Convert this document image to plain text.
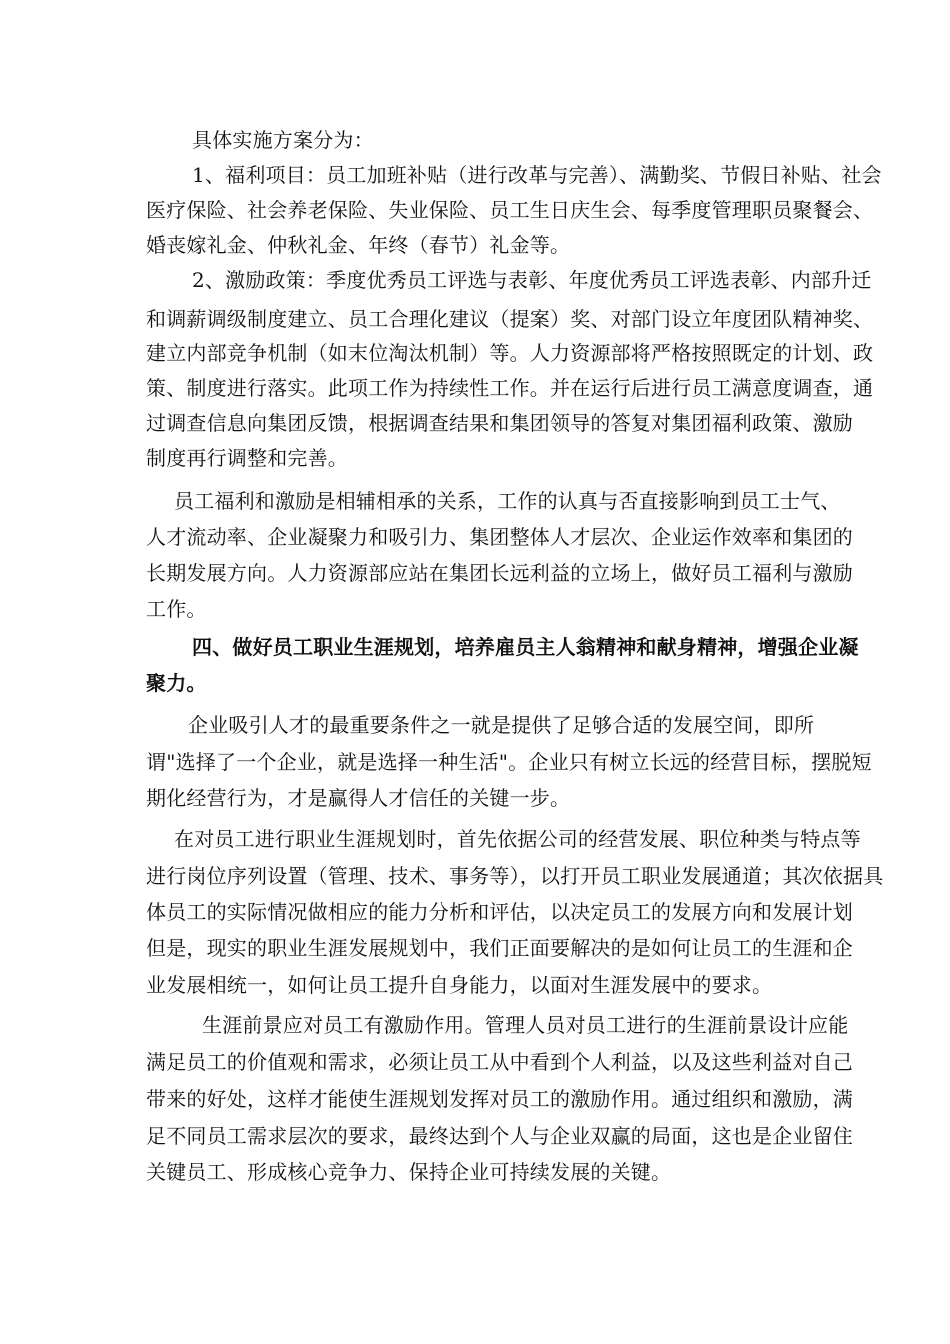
具体实施方案分为：
1、福利项目：员工加班补贴（进行改革与完善）、满勤奖、节假日补贴、社会
医疗保险、社会养老保险、失业保险、员工生日庆生会、每季度管理职员聚餐会、
婚丧嫁礼金、仲秋礼金、年终（春节）礼金等。
2、激励政策：季度优秀员工评选与表彰、年度优秀员工评选表彰、内部升迁
和调薪调级制度建立、员工合理化建议（提案）奖、对部门设立年度团队精神奖、
建立内部竞争机制（如末位淘汰机制）等。人力资源部将严格按照既定的计划、政
策、制度进行落实。此项工作为持续性工作。并在运行后进行员工满意度调查，通
过调查信息向集团反馈，根据调查结果和集团领导的答复对集团福利政策、激励
制度再行调整和完善。
员工福利和激励是相辅相承的关系，工作的认真与否直接影响到员工士气、
人才流动率、企业凝聚力和吸引力、集团整体人才层次、企业运作效率和集团的
长期发展方向。人力资源部应站在集团长远利益的立场上，做好员工福利与激励
工作。
四、做好员工职业生涯规划，培养雇员主人翁精神和献身精神，增强企业凝
聚力。
企业吸引人才的最重要条件之一就是提供了足够合适的发展空间，即所
谓"选择了一个企业，就是选择一种生活"。企业只有树立长远的经营目标，摆脱短
期化经营行为，才是赢得人才信任的关键一步。
在对员工进行职业生涯规划时，首先依据公司的经营发展、职位种类与特点等
进行岗位序列设置（管理、技术、事务等），以打开员工职业发展通道；其次依据具
体员工的实际情况做相应的能力分析和评估，以决定员工的发展方向和发展计划
但是，现实的职业生涯发展规划中，我们正面要解决的是如何让员工的生涯和企
业发展相统一，如何让员工提升自身能力，以面对生涯发展中的要求。
生涯前景应对员工有激励作用。管理人员对员工进行的生涯前景设计应能
满足员工的价值观和需求，必须让员工从中看到个人利益，以及这些利益对自己
带来的好处，这样才能使生涯规划发挥对员工的激励作用。通过组织和激励，满
足不同员工需求层次的要求，最终达到个人与企业双赢的局面，这也是企业留住
关键员工、形成核心竞争力、保持企业可持续发展的关键。
